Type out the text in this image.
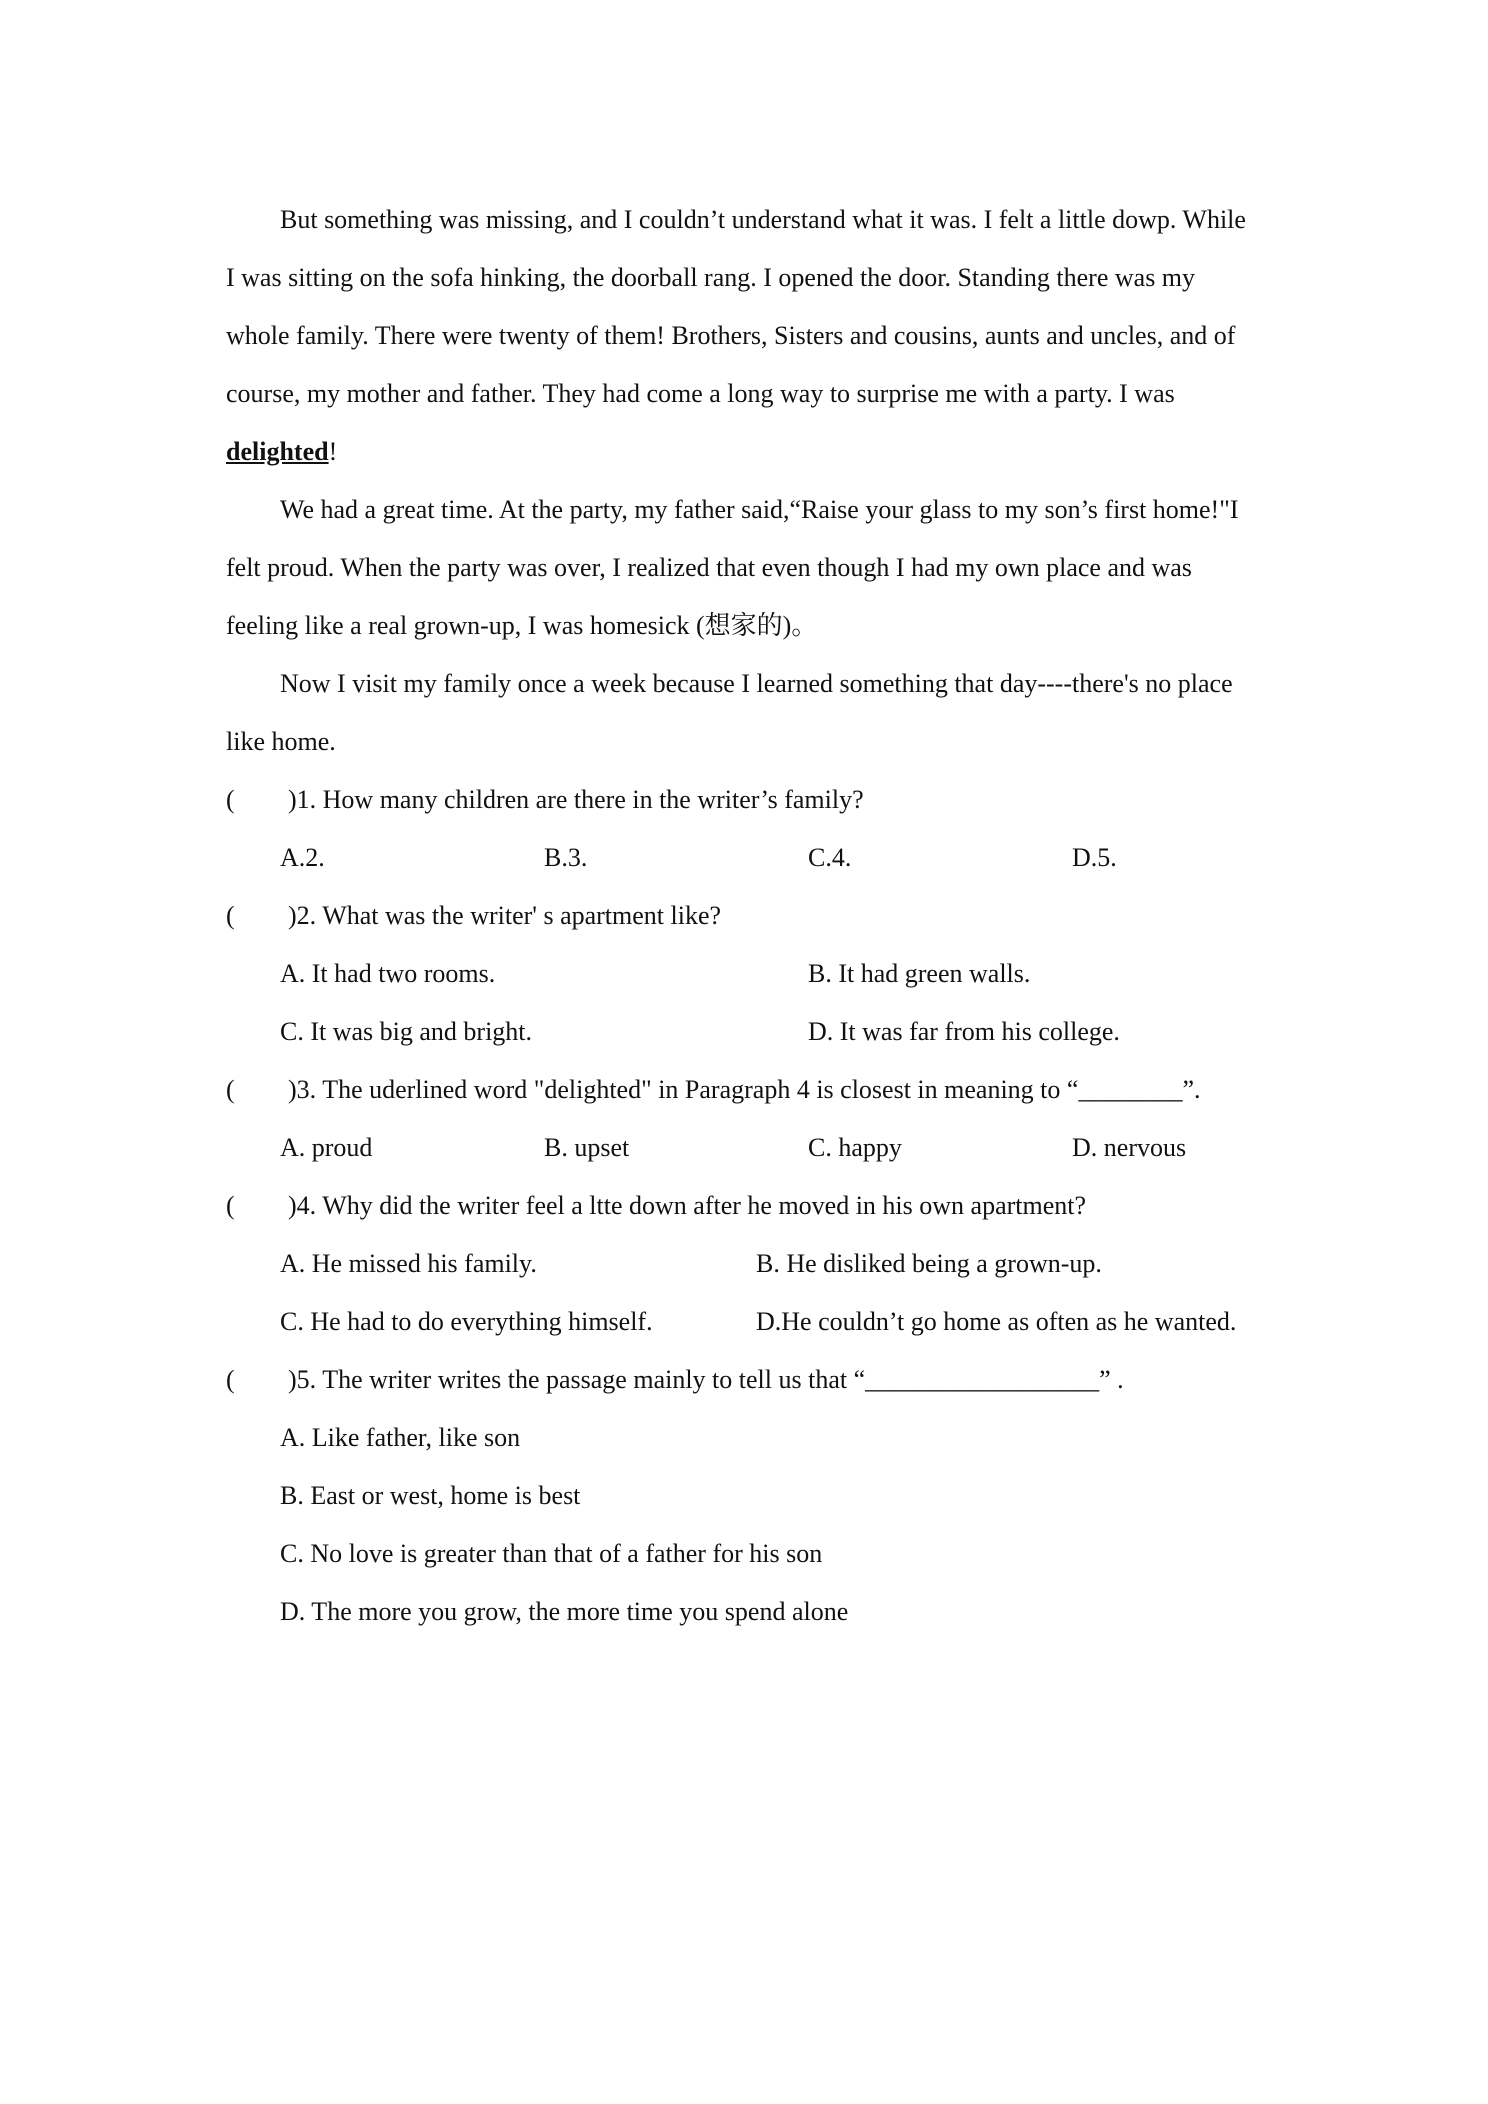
But something was missing, and I couldn’t understand what it was. I felt a little dowp. While
I was sitting on the sofa hinking, the doorball rang. I opened the door. Standing there was my
whole family. There were twenty of them! Brothers, Sisters and cousins, aunts and uncles, and of
course, my mother and father. They had come a long way to surprise me with a party. I was
delighted!
We had a great time. At the party, my father said,“Raise your glass to my son’s first home!"I
felt proud. When the party was over, I realized that even though I had my own place and was
feeling like a real grown-up, I was homesick (想家的)。
Now I visit my family once a week because I learned something that day----there's no place
like home.
( )1. How many children are there in the writer’s family?
A.2.	B.3.	C.4.	D.5.
( )2. What was the writer' s apartment like?
A. It had two rooms.	B. It had green walls.
C. It was big and bright.	D. It was far from his college.
( )3. The uderlined word "delighted" in Paragraph 4 is closest in meaning to “________”.
A. proud	B. upset	C. happy	D. nervous
( )4. Why did the writer feel a ltte down after he moved in his own apartment?
A. He missed his family.	B. He disliked being a grown-up.
C. He had to do everything himself.	D.He couldn’t go home as often as he wanted.
( )5. The writer writes the passage mainly to tell us that “__________________” .
A. Like father, like son
B. East or west, home is best
C. No love is greater than that of a father for his son
D. The more you grow, the more time you spend alone
